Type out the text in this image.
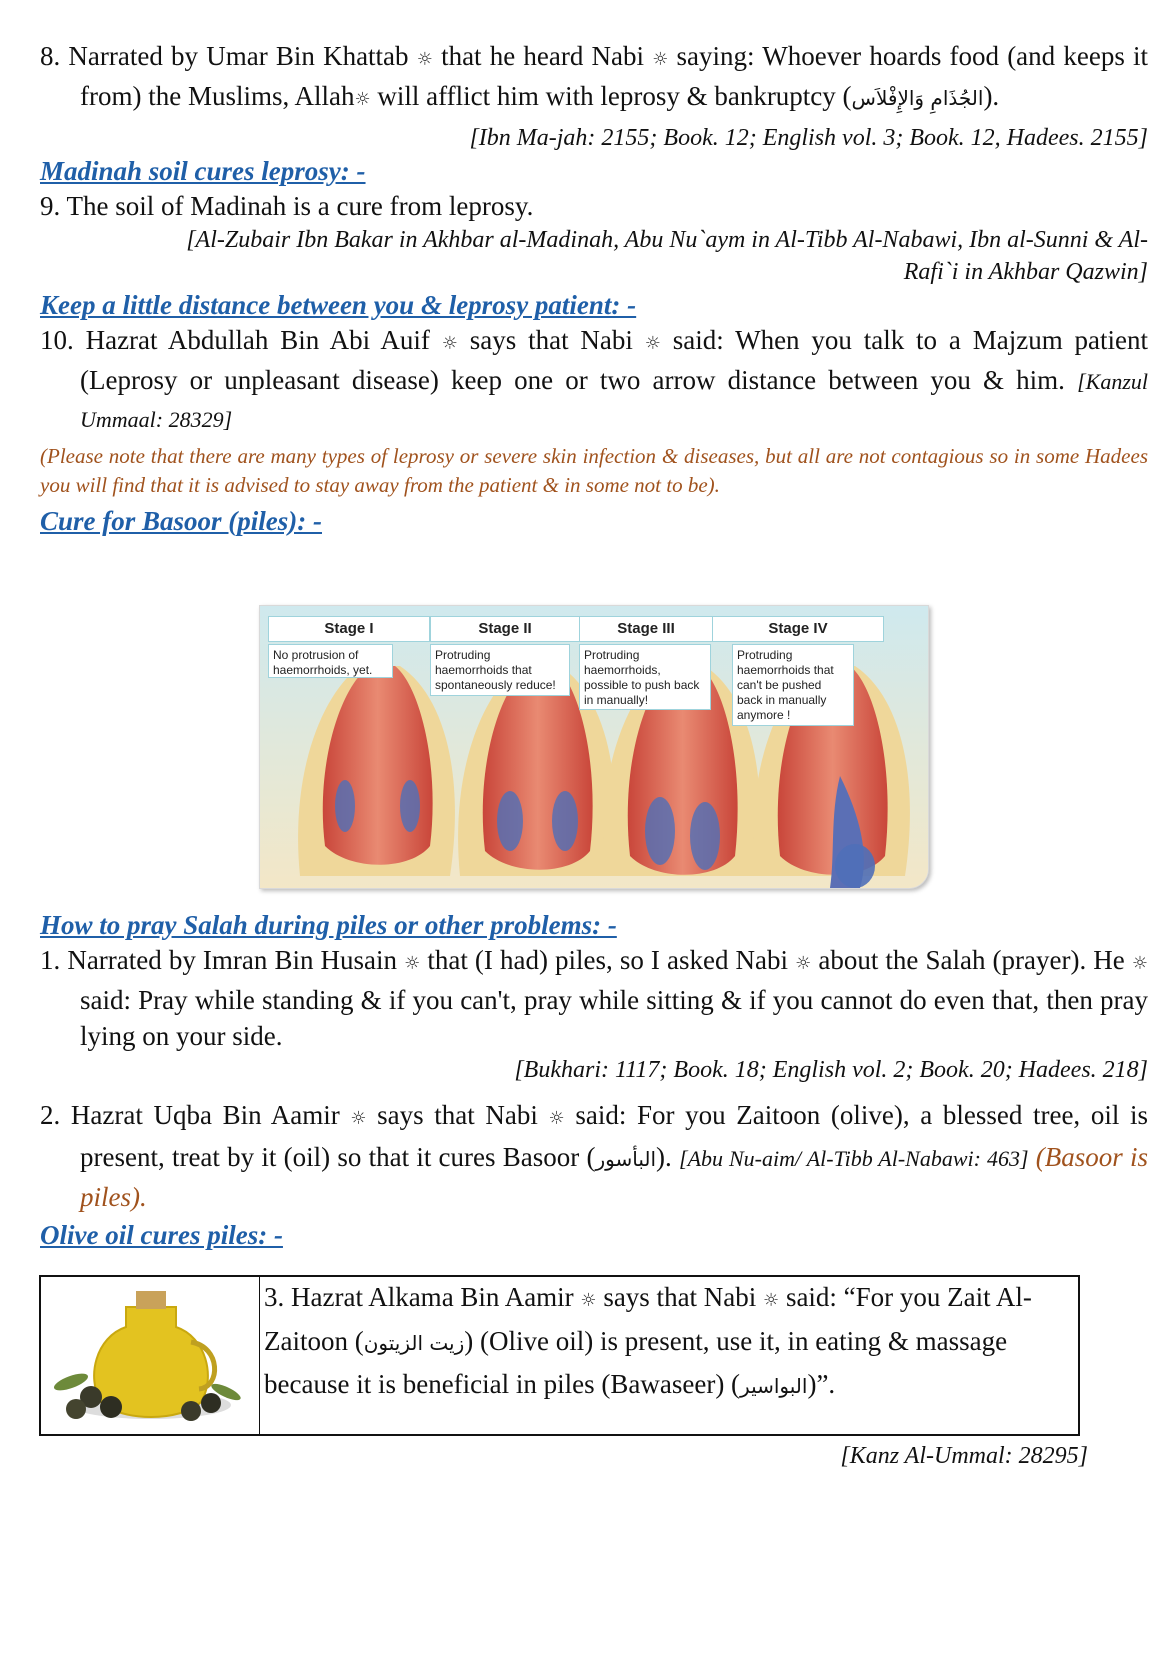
8. Narrated by Umar Bin Khattab ☼ that he heard Nabi ☼ saying: Whoever hoards food (and keeps it from) the Muslims, Allah☼ will afflict him with leprosy & bankruptcy (الجُذَامِ وَالإِفْلاَس).

[Ibn Ma-jah: 2155; Book. 12; English vol. 3; Book. 12, Hadees. 2155]

Madinah soil cures leprosy: -

9. The soil of Madinah is a cure from leprosy.

[Al-Zubair Ibn Bakar in Akhbar al-Madinah, Abu Nu`aym in Al-Tibb Al-Nabawi, Ibn al-Sunni & Al-Rafi`i in Akhbar Qazwin]

Keep a little distance between you & leprosy patient: -

10. Hazrat Abdullah Bin Abi Auif ☼ says that Nabi ☼ said: When you talk to a Majzum patient (Leprosy or unpleasant disease) keep one or two arrow distance between you & him. [Kanzul Ummaal: 28329]

(Please note that there are many types of leprosy or severe skin infection & diseases, but all are not contagious so in some Hadees you will find that it is advised to stay away from the patient & in some not to be).

Cure for Basoor (piles): -

Stage I
No protrusion of haemorrhoids, yet.
Stage II
Protruding haemorrhoids that spontaneously reduce!
Stage III
Protruding haemorrhoids, possible to push back in manually!
Stage IV
Protruding haemorrhoids that can't be pushed back in manually anymore !

How to pray Salah during piles or other problems: -

1. Narrated by Imran Bin Husain ☼ that (I had) piles, so I asked Nabi ☼ about the Salah (prayer). He ☼ said: Pray while standing & if you can't, pray while sitting & if you cannot do even that, then pray lying on your side.

[Bukhari: 1117; Book. 18; English vol. 2; Book. 20; Hadees. 218]

2. Hazrat Uqba Bin Aamir ☼ says that Nabi ☼ said: For you Zaitoon (olive), a blessed tree, oil is present, treat by it (oil) so that it cures Basoor (البأسور). [Abu Nu-aim/ Al-Tibb Al-Nabawi: 463] (Basoor is piles).

Olive oil cures piles: -

3. Hazrat Alkama Bin Aamir ☼ says that Nabi ☼ said: “For you Zait Al-Zaitoon (زيت الزيتون) (Olive oil) is present, use it, in eating & massage because it is beneficial in piles (Bawaseer) (البواسير)”.

[Kanz Al-Ummal: 28295]
